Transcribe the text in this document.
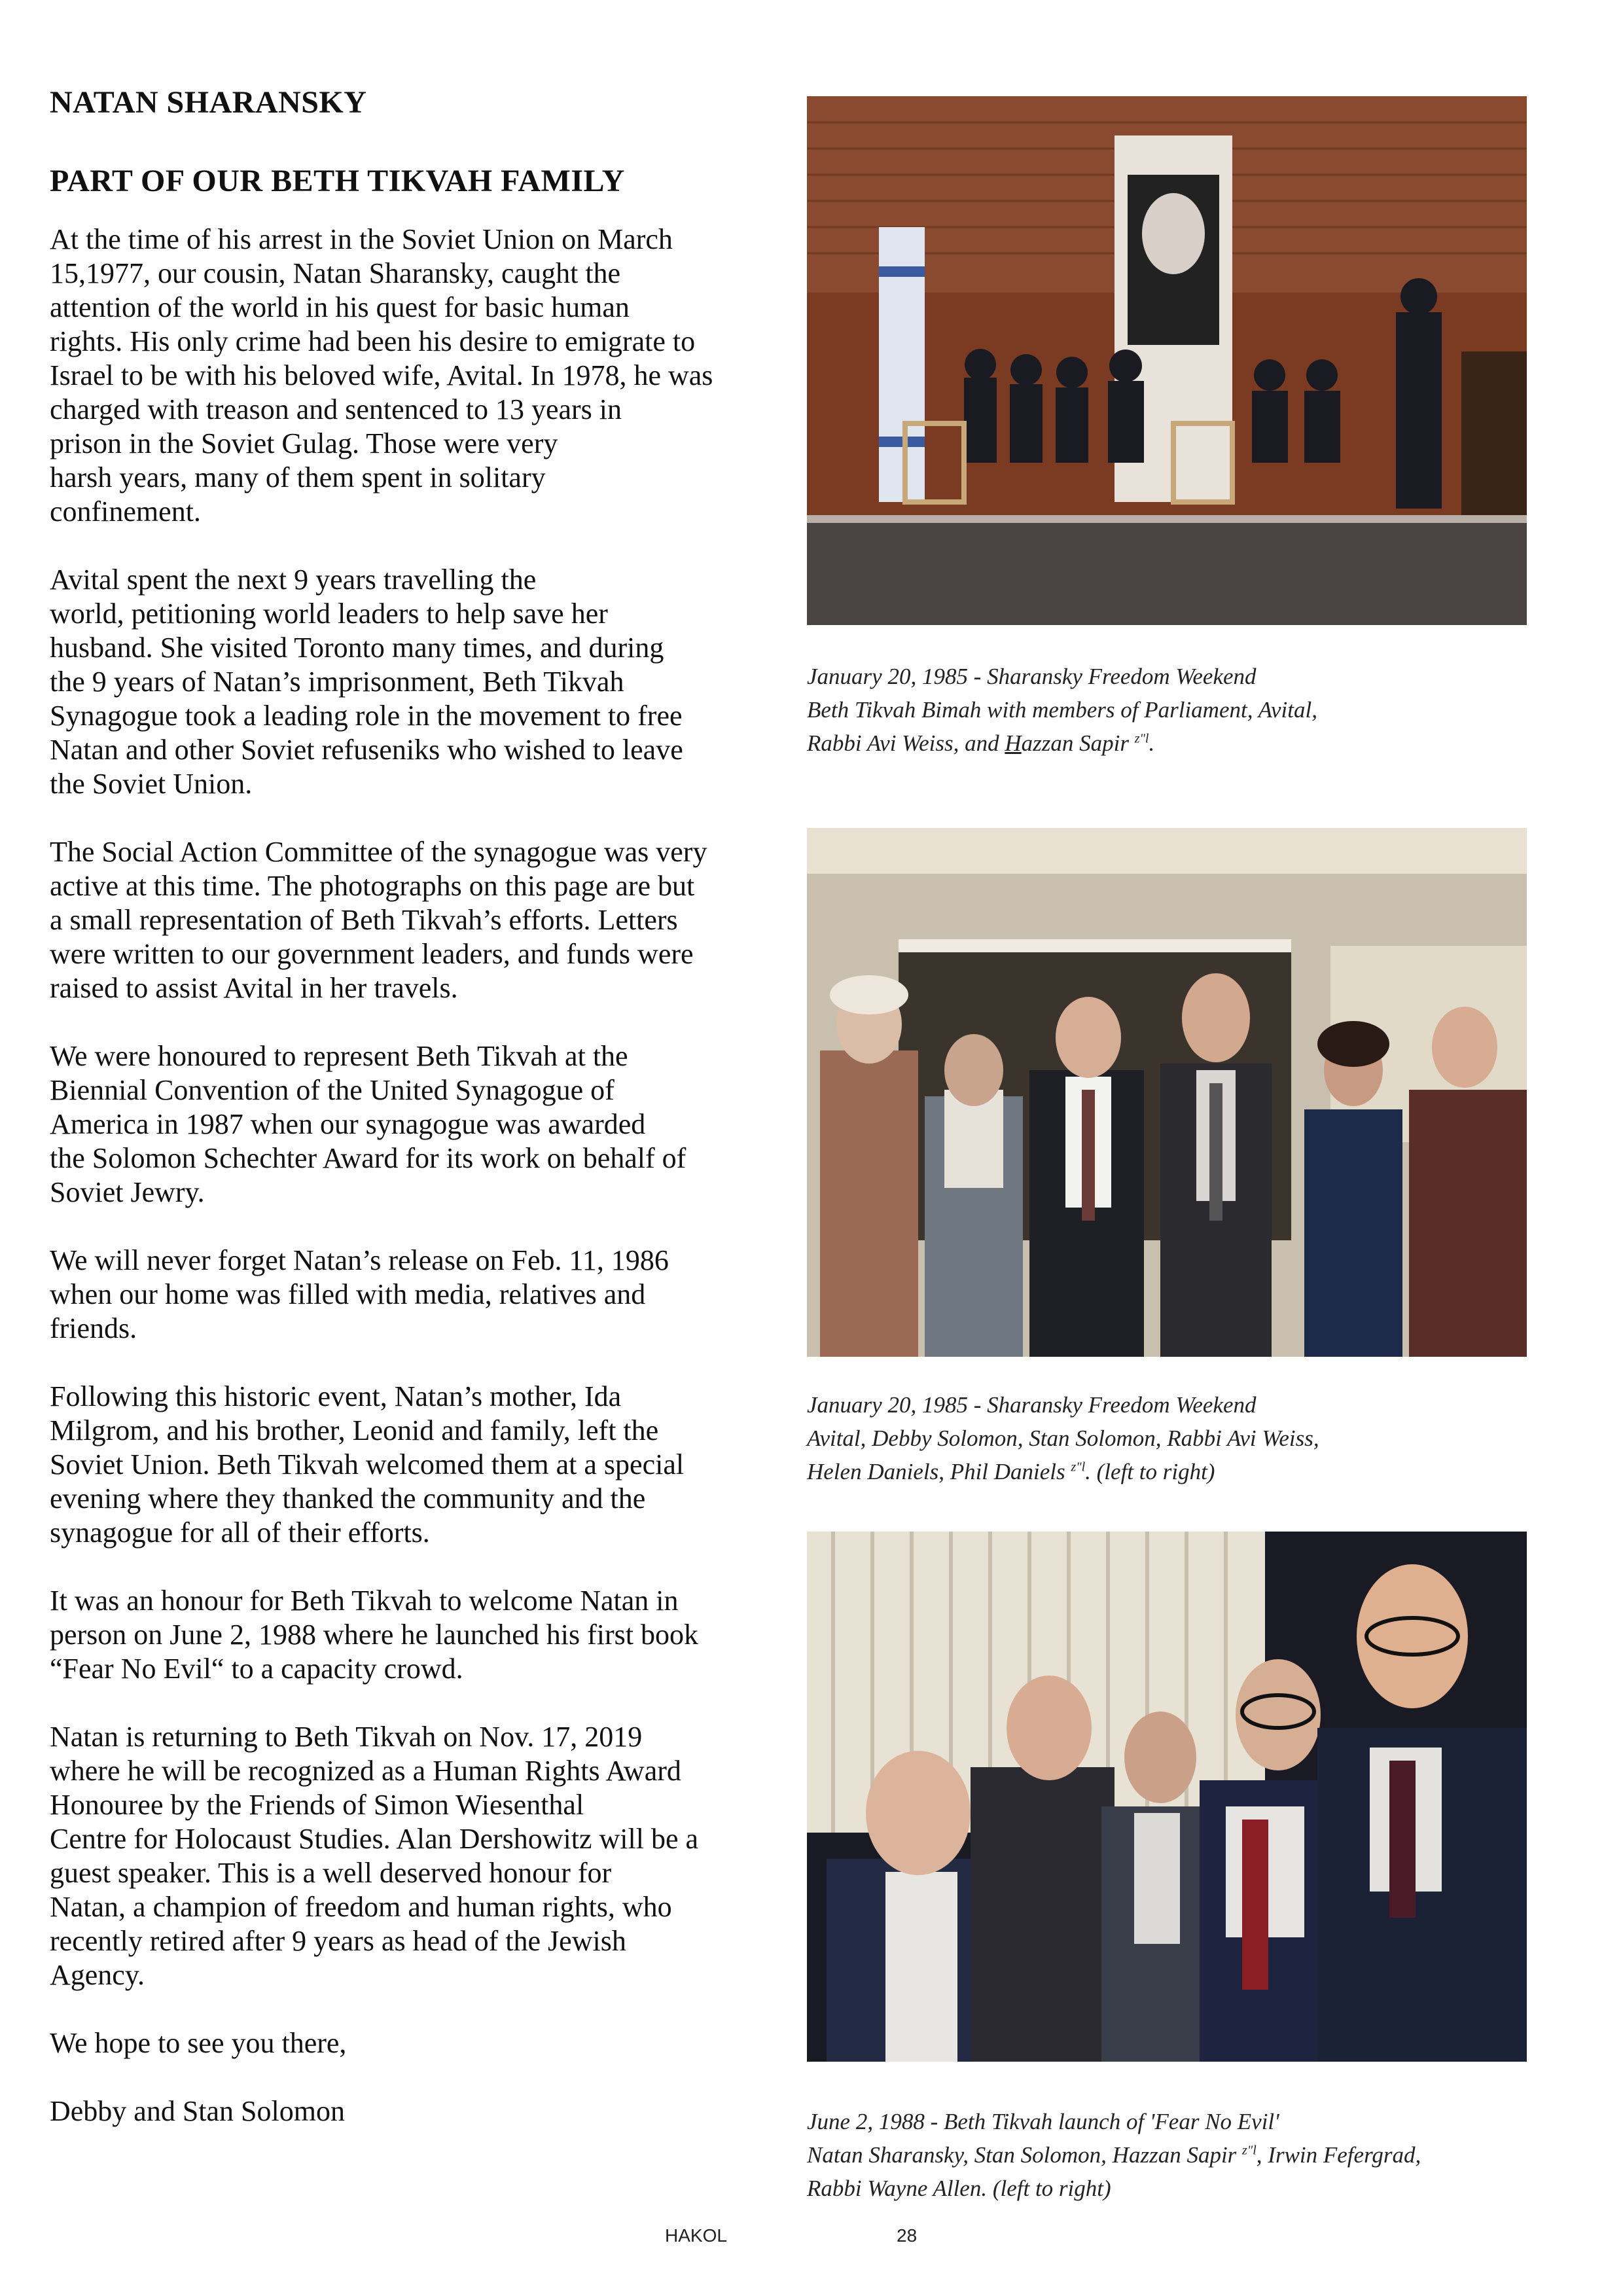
NATAN SHARANSKY
PART OF OUR BETH TIKVAH FAMILY

At the time of his arrest in the Soviet Union on March
15,1977, our cousin, Natan Sharansky, caught the
attention of the world in his quest for basic human
rights. His only crime had been his desire to emigrate to
Israel to be with his beloved wife, Avital. In 1978, he was
charged with treason and sentenced to 13 years in
prison in the Soviet Gulag. Those were very
harsh years, many of them spent in solitary
confinement.

Avital spent the next 9 years travelling the
world, petitioning world leaders to help save her
husband. She visited Toronto many times, and during
the 9 years of Natan’s imprisonment, Beth Tikvah
Synagogue took a leading role in the movement to free
Natan and other Soviet refuseniks who wished to leave
the Soviet Union.

The Social Action Committee of the synagogue was very
active at this time. The photographs on this page are but
a small representation of Beth Tikvah’s efforts. Letters
were written to our government leaders, and funds were
raised to assist Avital in her travels.

We were honoured to represent Beth Tikvah at the
Biennial Convention of the United Synagogue of
America in 1987 when our synagogue was awarded
the Solomon Schechter Award for its work on behalf of
Soviet Jewry.

We will never forget Natan’s release on Feb. 11, 1986
when our home was filled with media, relatives and
friends.

Following this historic event, Natan’s mother, Ida
Milgrom, and his brother, Leonid and family, left the
Soviet Union. Beth Tikvah welcomed them at a special
evening where they thanked the community and the
synagogue for all of their efforts.

It was an honour for Beth Tikvah to welcome Natan in
person on June 2, 1988 where he launched his first book
“Fear No Evil“ to a capacity crowd.

Natan is returning to Beth Tikvah on Nov. 17, 2019
where he will be recognized as a Human Rights Award
Honouree by the Friends of Simon Wiesenthal
Centre for Holocaust Studies. Alan Dershowitz will be a
guest speaker. This is a well deserved honour for
Natan, a champion of freedom and human rights, who
recently retired after 9 years as head of the Jewish
Agency.

We hope to see you there,

Debby and Stan Solomon

January 20, 1985 - Sharansky Freedom Weekend
Beth Tikvah Bimah with members of Parliament, Avital,
Rabbi Avi Weiss, and Hazzan Sapir $^{z"l}$.
January 20, 1985 - Sharansky Freedom Weekend
Avital, Debby Solomon, Stan Solomon, Rabbi Avi Weiss,
Helen Daniels, Phil Daniels $^{z"l}$. (left to right)
June 2, 1988 - Beth Tikvah launch of 'Fear No Evil'
Natan Sharansky, Stan Solomon, Hazzan Sapir $^{z"l}$, Irwin Fefergrad,
Rabbi Wayne Allen. (left to right)
HAKOL	28
